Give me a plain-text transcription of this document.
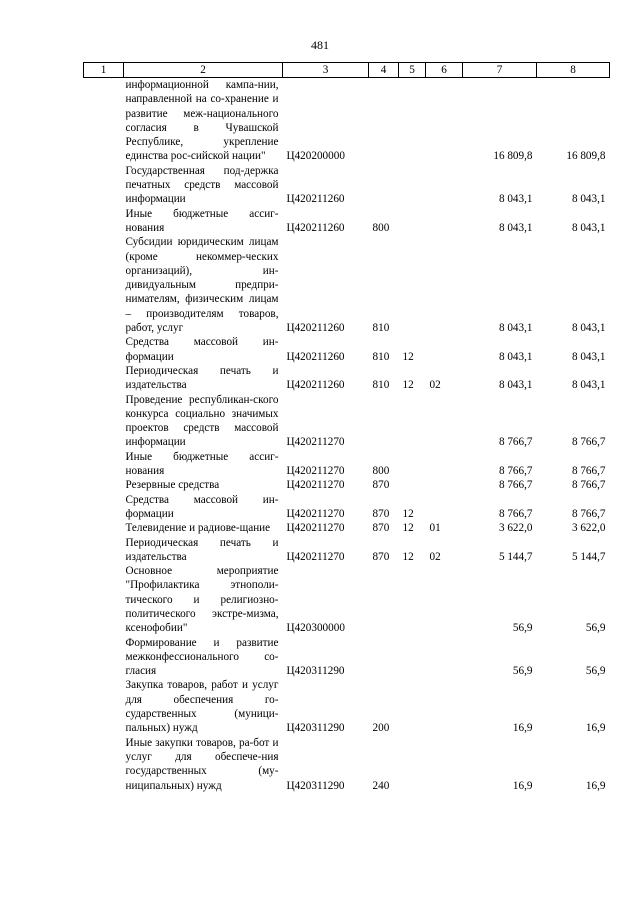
481
1	2	3	4	5	6	7	8
	информационной кампа-нии, направленной на со-хранение и развитие меж-национального согласия в Чувашской Республике, укрепление единства рос-сийской нации"	Ц420200000				16 809,8	16 809,8
	Государственная под-держка печатных средств массовой информации	Ц420211260				8 043,1	8 043,1
	Иные бюджетные ассиг-нования	Ц420211260	800			8 043,1	8 043,1
	Субсидии юридическим лицам (кроме некоммер-ческих организаций), ин-дивидуальным предпри-нимателям, физическим лицам – производителям товаров, работ, услуг	Ц420211260	810			8 043,1	8 043,1
	Средства массовой ин-формации	Ц420211260	810	12		8 043,1	8 043,1
	Периодическая печать и издательства	Ц420211260	810	12	02	8 043,1	8 043,1
	Проведение республикан-ского конкурса социально значимых проектов средств массовой информации	Ц420211270				8 766,7	8 766,7
	Иные бюджетные ассиг-нования	Ц420211270	800			8 766,7	8 766,7
	Резервные средства	Ц420211270	870			8 766,7	8 766,7
	Средства массовой ин-формации	Ц420211270	870	12		8 766,7	8 766,7
	Телевидение и радиове-щание	Ц420211270	870	12	01	3 622,0	3 622,0
	Периодическая печать и издательства	Ц420211270	870	12	02	5 144,7	5 144,7
	Основное мероприятие "Профилактика этнополи-тического и религиозно-политического экстре-мизма, ксенофобии"	Ц420300000				56,9	56,9
	Формирование и развитие межконфессионального со-гласия	Ц420311290				56,9	56,9
	Закупка товаров, работ и услуг для обеспечения го-сударственных (муници-пальных) нужд	Ц420311290	200			16,9	16,9
	Иные закупки товаров, ра-бот и услуг для обеспече-ния государственных (му-ниципальных) нужд	Ц420311290	240			16,9	16,9
